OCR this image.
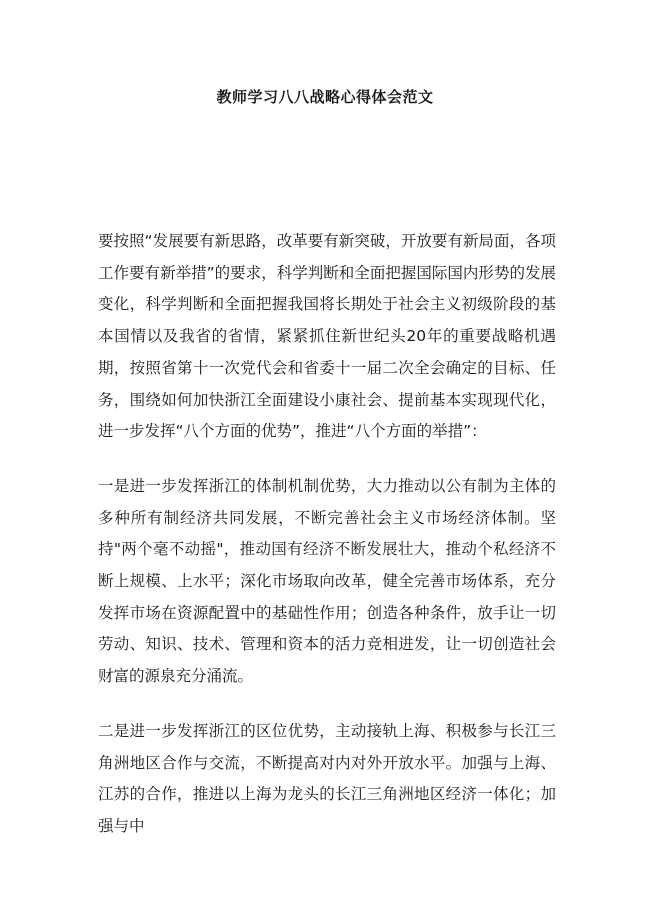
教师学习八八战略心得体会范文

要按照“发展要有新思路，改革要有新突破，开放要有新局面，各项工作要有新举措”的要求，科学判断和全面把握国际国内形势的发展变化，科学判断和全面把握我国将长期处于社会主义初级阶段的基本国情以及我省的省情，紧紧抓住新世纪头20年的重要战略机遇期，按照省第十一次党代会和省委十一届二次全会确定的目标、任务，围绕如何加快浙江全面建设小康社会、提前基本实现现代化，进一步发挥“八个方面的优势”，推进“八个方面的举措”：

一是进一步发挥浙江的体制机制优势，大力推动以公有制为主体的多种所有制经济共同发展，不断完善社会主义市场经济体制。坚持"两个毫不动摇"，推动国有经济不断发展壮大，推动个私经济不断上规模、上水平；深化市场取向改革，健全完善市场体系，充分发挥市场在资源配置中的基础性作用；创造各种条件，放手让一切劳动、知识、技术、管理和资本的活力竞相进发，让一切创造社会财富的源泉充分涌流。

二是进一步发挥浙江的区位优势，主动接轨上海、积极参与长江三角洲地区合作与交流，不断提高对内对外开放水平。加强与上海、江苏的合作，推进以上海为龙头的长江三角洲地区经济一体化；加强与中
